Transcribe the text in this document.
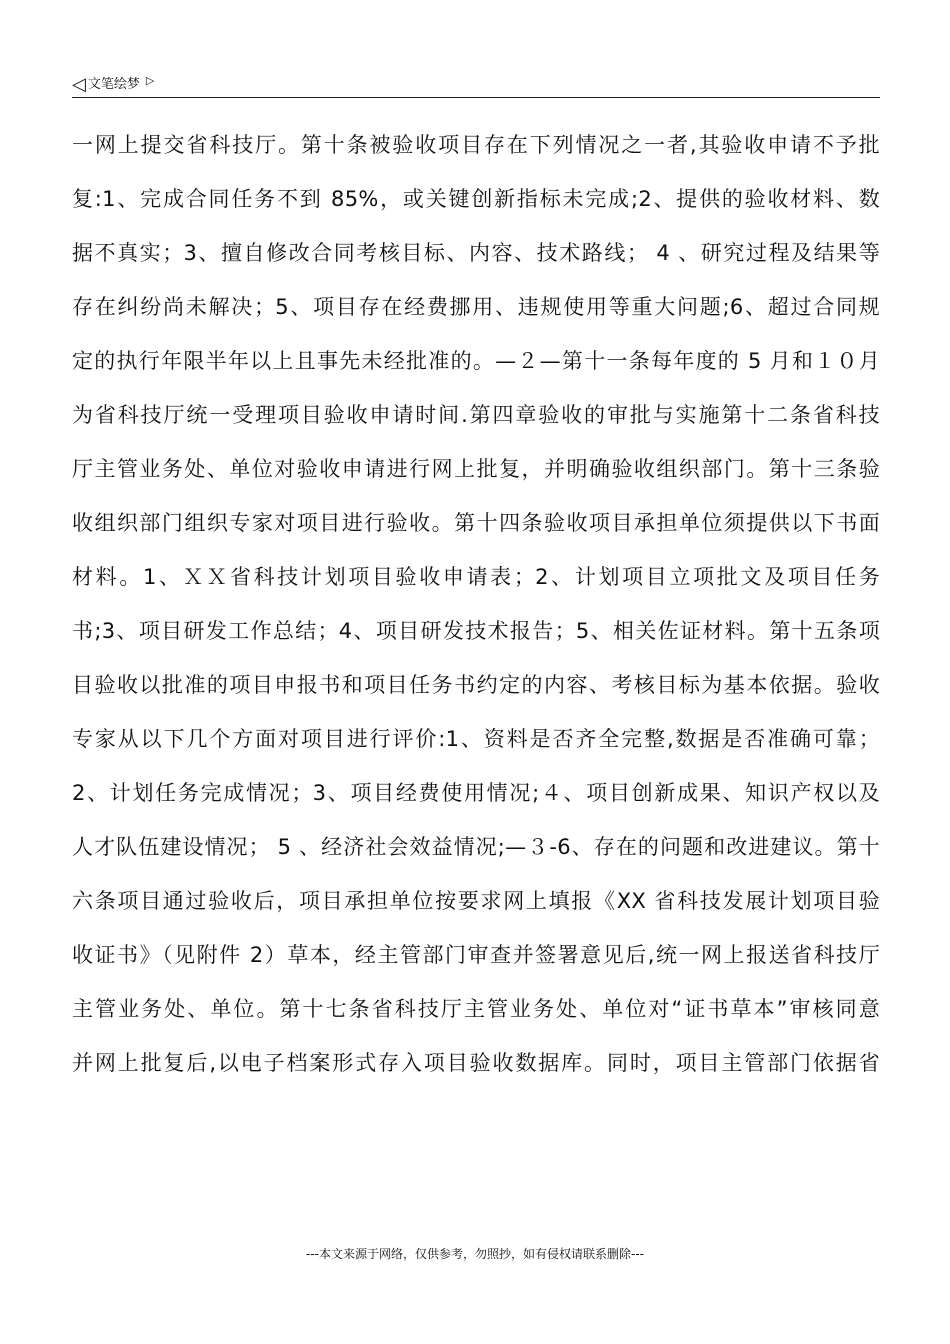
◁ 文笔绘梦 ▷
一网上提交省科技厅。第十条被验收项目存在下列情况之一者,其验收申请不予批
复:1、完成合同任务不到 85%，或关键创新指标未完成;2、提供的验收材料、数
据不真实；3、擅自修改合同考核目标、内容、技术路线； 4 、研究过程及结果等
存在纠纷尚未解决；5、项目存在经费挪用、违规使用等重大问题;6、超过合同规
定的执行年限半年以上且事先未经批准的。—２—第十一条每年度的 5 月和１０月
为省科技厅统一受理项目验收申请时间.第四章验收的审批与实施第十二条省科技
厅主管业务处、单位对验收申请进行网上批复，并明确验收组织部门。第十三条验
收组织部门组织专家对项目进行验收。第十四条验收项目承担单位须提供以下书面
材料。1、ＸＸ省科技计划项目验收申请表；2、计划项目立项批文及项目任务
书;3、项目研发工作总结；4、项目研发技术报告；5、相关佐证材料。第十五条项
目验收以批准的项目申报书和项目任务书约定的内容、考核目标为基本依据。验收
专家从以下几个方面对项目进行评价:1、资料是否齐全完整,数据是否准确可靠；
2、计划任务完成情况；3、项目经费使用情况;４、项目创新成果、知识产权以及
人才队伍建设情况； 5 、经济社会效益情况;—３-6、存在的问题和改进建议。第十
六条项目通过验收后，项目承担单位按要求网上填报《XX 省科技发展计划项目验
收证书》（见附件 2）草本，经主管部门审查并签署意见后,统一网上报送省科技厅
主管业务处、单位。第十七条省科技厅主管业务处、单位对“证书草本”审核同意
并网上批复后,以电子档案形式存入项目验收数据库。同时，项目主管部门依据省
---本文来源于网络，仅供参考，勿照抄，如有侵权请联系删除---
